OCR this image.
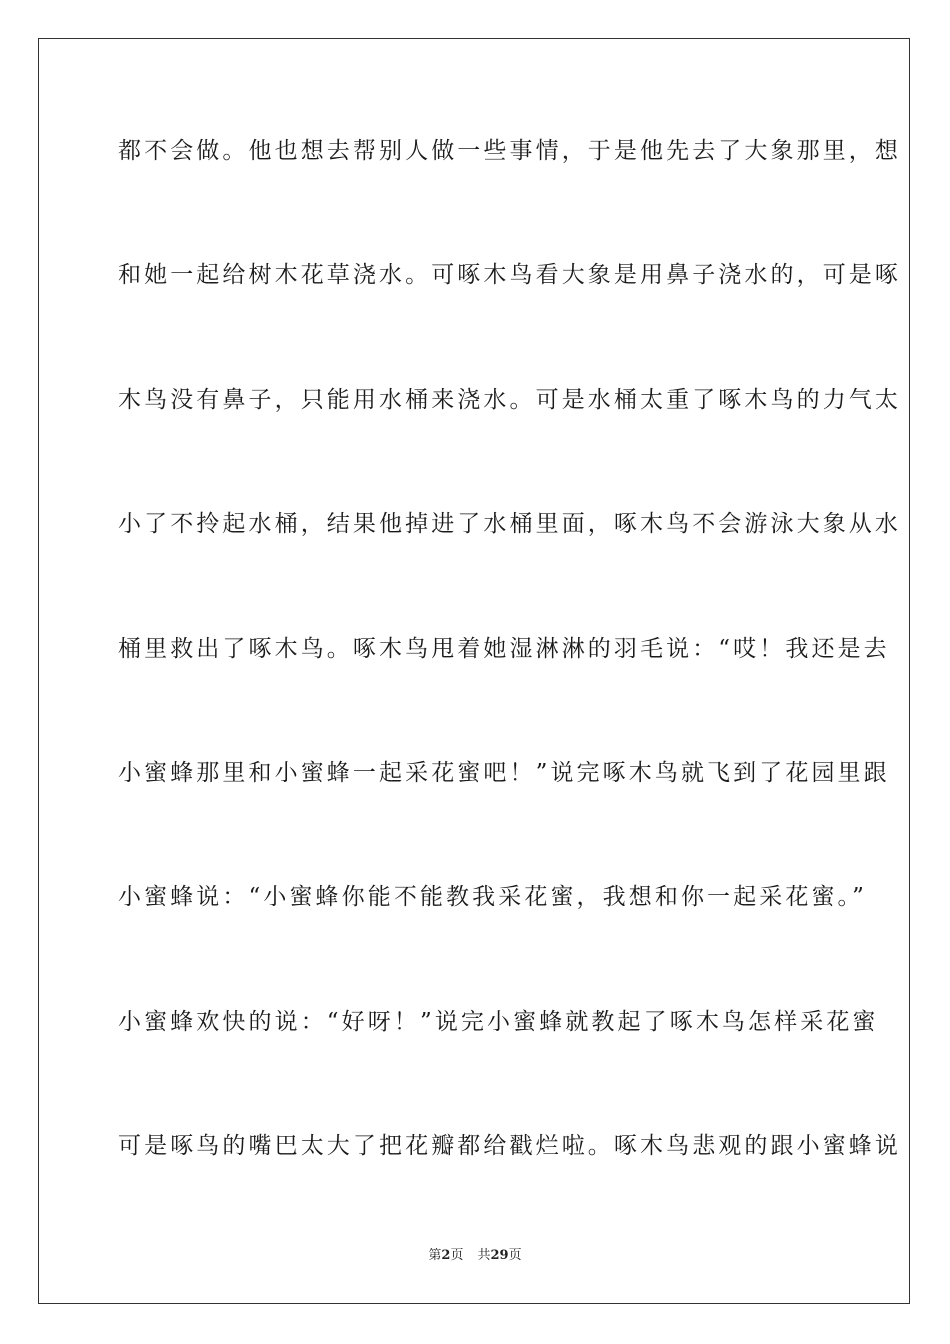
都不会做。他也想去帮别人做一些事情，于是他先去了大象那里，想
和她一起给树木花草浇水。可啄木鸟看大象是用鼻子浇水的，可是啄
木鸟没有鼻子，只能用水桶来浇水。可是水桶太重了啄木鸟的力气太
小了不拎起水桶，结果他掉进了水桶里面，啄木鸟不会游泳大象从水
桶里救出了啄木鸟。啄木鸟甩着她湿淋淋的羽毛说：“哎！我还是去
小蜜蜂那里和小蜜蜂一起采花蜜吧！”说完啄木鸟就飞到了花园里跟
小蜜蜂说：“小蜜蜂你能不能教我采花蜜，我想和你一起采花蜜。”
小蜜蜂欢快的说：“好呀！”说完小蜜蜂就教起了啄木鸟怎样采花蜜
可是啄鸟的嘴巴太大了把花瓣都给戳烂啦。啄木鸟悲观的跟小蜜蜂说
第2页 共29页
